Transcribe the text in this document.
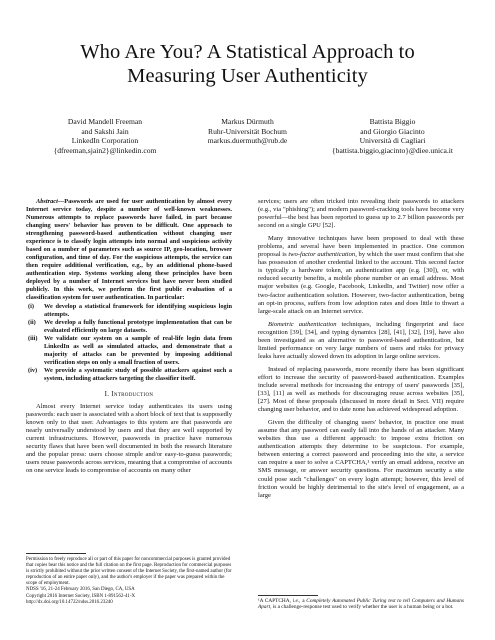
Who Are You? A Statistical Approach to Measuring User Authenticity
David Mandell Freeman
and Sakshi Jain
LinkedIn Corporation
{dfreeman,sjain2}@linkedin.com
Markus Dürmuth
Ruhr-Universität Bochum
markus.duermuth@rub.de
Battista Biggio
and Giorgio Giacinto
Università di Cagliari
{battista.biggio,giacinto}@diee.unica.it

Abstract—Passwords are used for user authentication by almost every Internet service today, despite a number of well-known weaknesses. Numerous attempts to replace passwords have failed, in part because changing users' behavior has proven to be difficult. One approach to strengthening password-based authentication without changing user experience is to classify login attempts into normal and suspicious activity based on a number of parameters such as source IP, geo-location, browser configuration, and time of day. For the suspicious attempts, the service can then require additional verification, e.g., by an additional phone-based authentication step. Systems working along these principles have been deployed by a number of Internet services but have never been studied publicly. In this work, we perform the first public evaluation of a classification system for user authentication. In particular:

(i) We develop a statistical framework for identifying suspicious login attempts.
(ii) We develop a fully functional prototype implementation that can be evaluated efficiently on large datasets.
(iii) We validate our system on a sample of real-life login data from LinkedIn as well as simulated attacks, and demonstrate that a majority of attacks can be prevented by imposing additional verification steps on only a small fraction of users.
(iv) We provide a systematic study of possible attackers against such a system, including attackers targeting the classifier itself.
I. Introduction

Almost every Internet service today authenticates its users using passwords: each user is associated with a short block of text that is supposedly known only to that user. Advantages to this system are that passwords are nearly universally understood by users and that they are well supported by current infrastructures. However, passwords in practice have numerous security flaws that have been well documented in both the research literature and the popular press: users choose simple and/or easy-to-guess passwords; users reuse passwords across services, meaning that a compromise of accounts on one service leads to compromise of accounts on many other

Permission to freely reproduce all or part of this paper for noncommercial purposes is granted provided that copies bear this notice and the full citation on the first page. Reproduction for commercial purposes is strictly prohibited without the prior written consent of the Internet Society, the first-named author (for reproduction of an entire paper only), and the author's employer if the paper was prepared within the scope of employment.
NDSS '16, 21-24 February 2016, San Diego, CA, USA
Copyright 2016 Internet Society, ISBN 1-891562-41-X
http://dx.doi.org/10.14722/ndss.2016.23240

services; users are often tricked into revealing their passwords to attackers (e.g., via "phishing"); and modern password-cracking tools have become very powerful—the best has been reported to guess up to 2.7 billion passwords per second on a single GPU [52].

Many innovative techniques have been proposed to deal with these problems, and several have been implemented in practice. One common proposal is two-factor authentication, by which the user must confirm that she has possession of another credential linked to the account. This second factor is typically a hardware token, an authentication app (e.g. [30]), or, with reduced security benefits, a mobile phone number or an email address. Most major websites (e.g. Google, Facebook, LinkedIn, and Twitter) now offer a two-factor authentication solution. However, two-factor authentication, being an opt-in process, suffers from low adoption rates and does little to thwart a large-scale attack on an Internet service.

Biometric authentication techniques, including fingerprint and face recognition [39], [34], and typing dynamics [28], [41], [32], [19], have also been investigated as an alternative to password-based authentication, but limited performance on very large numbers of users and risks for privacy leaks have actually slowed down its adoption in large online services.

Instead of replacing passwords, more recently there has been significant effort to increase the security of password-based authentication. Examples include several methods for increasing the entropy of users' passwords [35], [33], [11] as well as methods for discouraging reuse across websites [35], [27]. Most of these proposals (discussed in more detail in Sect. VII) require changing user behavior, and to date none has achieved widespread adoption.

Given the difficulty of changing users' behavior, in practice one must assume that any password can easily fall into the hands of an attacker. Many websites thus use a different approach: to impose extra friction on authentication attempts they determine to be suspicious. For example, between entering a correct password and proceeding into the site, a service can require a user to solve a CAPTCHA,¹ verify an email address, receive an SMS message, or answer security questions. For maximum security a site could pose such "challenges" on every login attempt; however, this level of friction would be highly detrimental to the site's level of engagement, as a large

¹A CAPTCHA, i.e., a Completely Automated Public Turing test to tell Computers and Humans Apart, is a challenge-response test used to verify whether the user is a human being or a bot.
